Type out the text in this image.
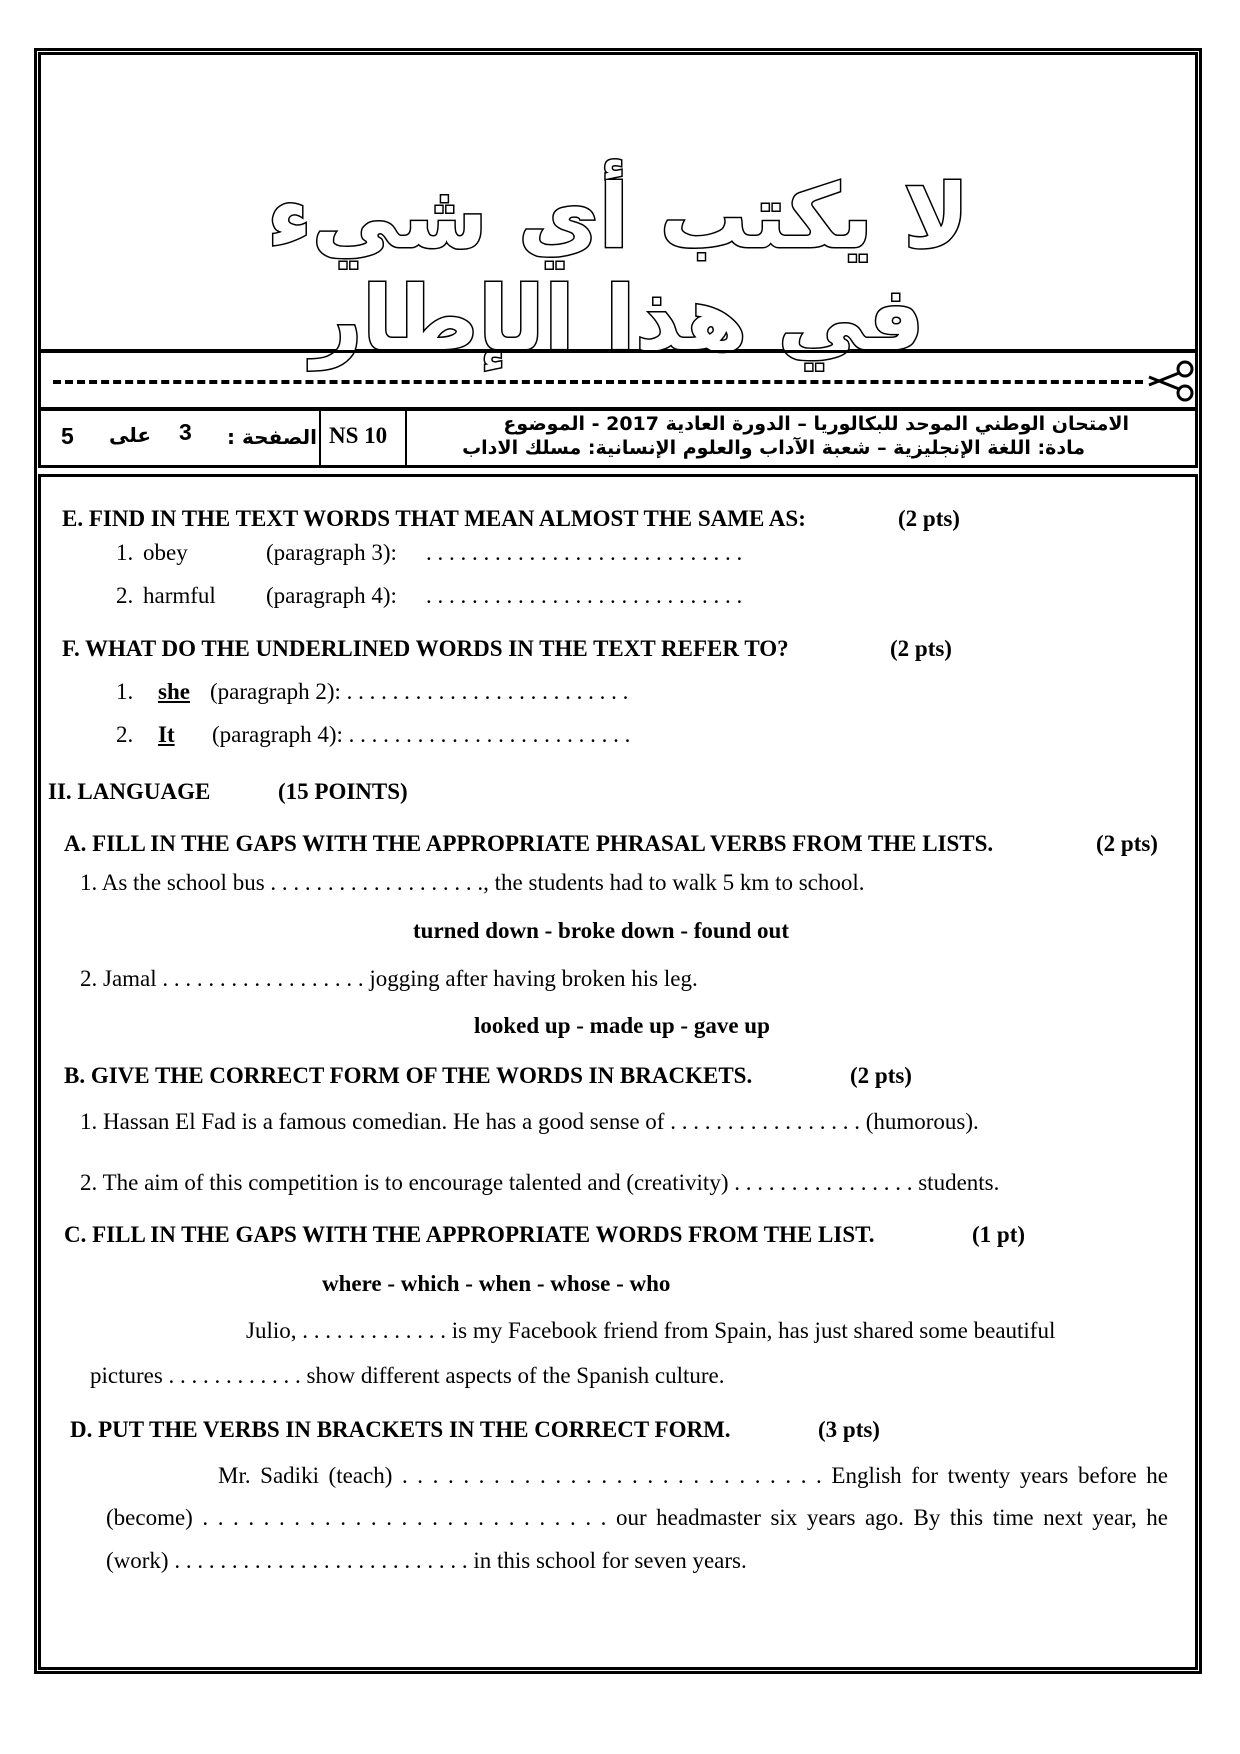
لا يكتب أي شيء
في هذا الإطار
5 على 3 الصفحة : NS 10	الامتحان الوطني الموحد للبكالوريا – الدورة العادية 2017 - الموضوع
مادة: اللغة الإنجليزية – شعبة الآداب والعلوم الإنسانية: مسلك الاداب
E. FIND IN THE TEXT WORDS THAT MEAN ALMOST THE SAME AS:	(2 pts)
1. obey	(paragraph 3): . . . . . . . . . . . . . . . . . . . . . . . . . . . .
2. harmful (paragraph 4): . . . . . . . . . . . . . . . . . . . . . . . . . . . .
F. WHAT DO THE UNDERLINED WORDS IN THE TEXT REFER TO?	(2 pts)
1. she (paragraph 2): . . . . . . . . . . . . . . . . . . . . . . . . .
2. It (paragraph 4): . . . . . . . . . . . . . . . . . . . . . . . . .
II. LANGUAGE	(15 POINTS)
A. FILL IN THE GAPS WITH THE APPROPRIATE PHRASAL VERBS FROM THE LISTS.	(2 pts)
1. As the school bus . . . . . . . . . . . . . . . . . . ., the students had to walk 5 km to school.
turned down - broke down - found out
2. Jamal . . . . . . . . . . . . . . . . . . jogging after having broken his leg.
looked up - made up - gave up
B. GIVE THE CORRECT FORM OF THE WORDS IN BRACKETS.	(2 pts)
1. Hassan El Fad is a famous comedian. He has a good sense of . . . . . . . . . . . . . . . . . (humorous).
2. The aim of this competition is to encourage talented and (creativity) . . . . . . . . . . . . . . . . students.
C. FILL IN THE GAPS WITH THE APPROPRIATE WORDS FROM THE LIST.	(1 pt)
where - which - when - whose - who
Julio, . . . . . . . . . . . . . is my Facebook friend from Spain, has just shared some beautiful
pictures . . . . . . . . . . . . show different aspects of the Spanish culture.
D. PUT THE VERBS IN BRACKETS IN THE CORRECT FORM.	(3 pts)
Mr. Sadiki (teach) . . . . . . . . . . . . . . . . . . . . . . . . . . . . English for twenty years before he
(become) . . . . . . . . . . . . . . . . . . . . . . . . . . . our headmaster six years ago. By this time next year, he
(work) . . . . . . . . . . . . . . . . . . . . . . . . . . in this school for seven years.
